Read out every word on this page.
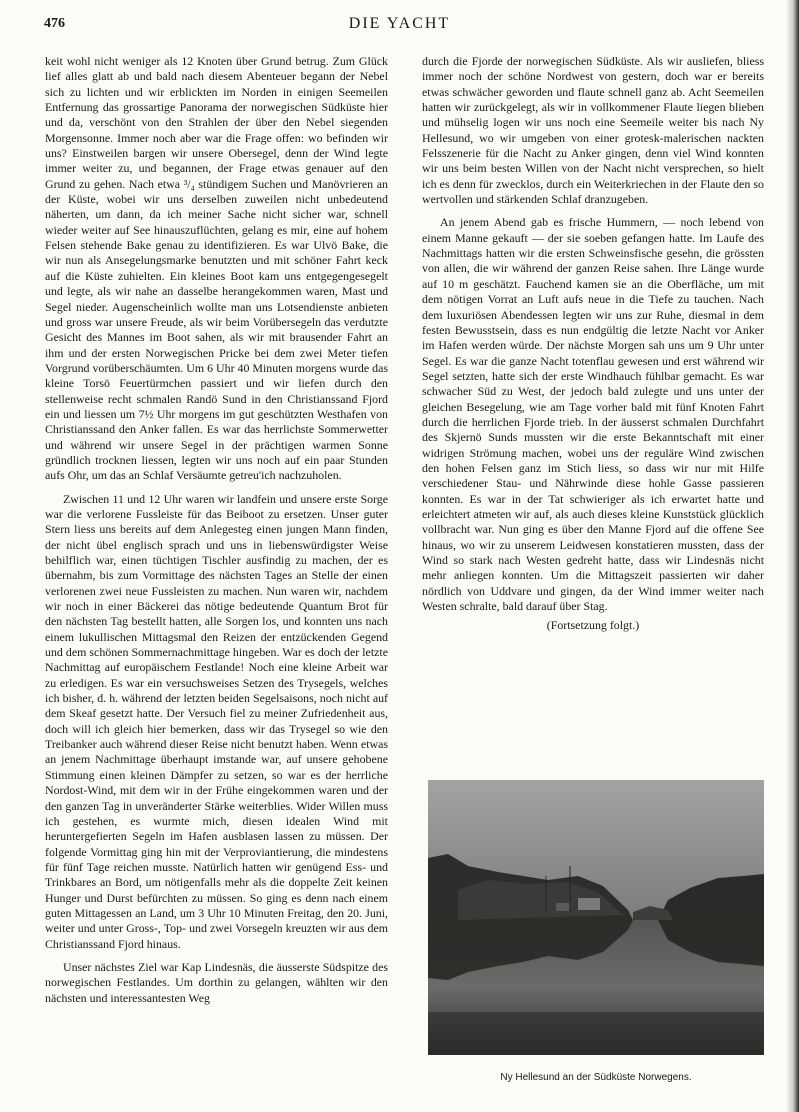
476	DIE YACHT

keit wohl nicht weniger als 12 Knoten über Grund betrug. Zum Glück lief alles glatt ab und bald nach diesem Abenteuer begann der Nebel sich zu lichten und wir erblickten im Norden in einigen Seemeilen Entfernung das grossartige Panorama der norwegischen Südküste hier und da, verschönt von den Strahlen der über den Nebel siegenden Morgensonne. Immer noch aber war die Frage offen: wo befinden wir uns? Einstweilen bargen wir unsere Obersegel, denn der Wind legte immer weiter zu, und begannen, der Frage etwas genauer auf den Grund zu gehen. Nach etwa ³/₄ stündigem Suchen und Manövrieren an der Küste, wobei wir uns derselben zuweilen nicht unbedeutend näherten, um dann, da ich meiner Sache nicht sicher war, schnell wieder weiter auf See hinauszuflüchten, gelang es mir, eine auf hohem Felsen stehende Bake genau zu identifizieren. Es war Ulvö Bake, die wir nun als Ansegelungsmarke benutzten und mit schöner Fahrt keck auf die Küste zuhielten. Ein kleines Boot kam uns entgegengesegelt und legte, als wir nahe an dasselbe herangekommen waren, Mast und Segel nieder. Augenscheinlich wollte man uns Lotsendienste anbieten und gross war unsere Freude, als wir beim Vorübersegeln das verdutzte Gesicht des Mannes im Boot sahen, als wir mit brausender Fahrt an ihm und der ersten Norwegischen Pricke bei dem zwei Meter tiefen Vorgrund vorüberschäumten. Um 6 Uhr 40 Minuten morgens wurde das kleine Torsö Feuertürmchen passiert und wir liefen durch den stellenweise recht schmalen Randö Sund in den Christianssand Fjord ein und liessen um 7½ Uhr morgens im gut geschützten Westhafen von Christianssand den Anker fallen. Es war das herrlichste Sommerwetter und während wir unsere Segel in der prächtigen warmen Sonne gründlich trocknen liessen, legten wir uns noch auf ein paar Stunden aufs Ohr, um das an Schlaf Versäumte getreu'ich nachzuholen.

Zwischen 11 und 12 Uhr waren wir landfein und unsere erste Sorge war die verlorene Fussleiste für das Beiboot zu ersetzen. Unser guter Stern liess uns bereits auf dem Anlegesteg einen jungen Mann finden, der nicht übel englisch sprach und uns in liebenswürdigster Weise behilflich war, einen tüchtigen Tischler ausfindig zu machen, der es übernahm, bis zum Vormittage des nächsten Tages an Stelle der einen verlorenen zwei neue Fussleisten zu machen. Nun waren wir, nachdem wir noch in einer Bäckerei das nötige bedeutende Quantum Brot für den nächsten Tag bestellt hatten, alle Sorgen los, und konnten uns nach einem lukullischen Mittagsmal den Reizen der entzückenden Gegend und dem schönen Sommernachmittage hingeben. War es doch der letzte Nachmittag auf europäischem Festlande! Noch eine kleine Arbeit war zu erledigen. Es war ein versuchsweises Setzen des Trysegels, welches ich bisher, d. h. während der letzten beiden Segelsaisons, noch nicht auf dem Skeaf gesetzt hatte. Der Versuch fiel zu meiner Zufriedenheit aus, doch will ich gleich hier bemerken, dass wir das Trysegel so wie den Treibanker auch während dieser Reise nicht benutzt haben. Wenn etwas an jenem Nachmittage überhaupt imstande war, auf unsere gehobene Stimmung einen kleinen Dämpfer zu setzen, so war es der herrliche Nordost-Wind, mit dem wir in der Frühe eingekommen waren und der den ganzen Tag in unveränderter Stärke weiterblies. Wider Willen muss ich gestehen, es wurmte mich, diesen idealen Wind mit heruntergefierten Segeln im Hafen ausblasen lassen zu müssen. Der folgende Vormittag ging hin mit der Verproviantierung, die mindestens für fünf Tage reichen musste. Natürlich hatten wir genügend Ess- und Trinkbares an Bord, um nötigenfalls mehr als die doppelte Zeit keinen Hunger und Durst befürchten zu müssen. So ging es denn nach einem guten Mittagessen an Land, um 3 Uhr 10 Minuten Freitag, den 20. Juni, weiter und unter Gross-, Top- und zwei Vorsegeln kreuzten wir aus dem Christianssand Fjord hinaus.

Unser nächstes Ziel war Kap Lindesnäs, die äusserste Südspitze des norwegischen Festlandes. Um dorthin zu gelangen, wählten wir den nächsten und interessantesten Weg

durch die Fjorde der norwegischen Südküste. Als wir ausliefen, bliess immer noch der schöne Nordwest von gestern, doch war er bereits etwas schwächer geworden und flaute schnell ganz ab. Acht Seemeilen hatten wir zurückgelegt, als wir in vollkommener Flaute liegen blieben und mühselig logen wir uns noch eine Seemeile weiter bis nach Ny Hellesund, wo wir umgeben von einer grotesk-malerischen nackten Felsszenerie für die Nacht zu Anker gingen, denn viel Wind konnten wir uns beim besten Willen von der Nacht nicht versprechen, so hielt ich es denn für zwecklos, durch ein Weiterkriechen in der Flaute den so wertvollen und stärkenden Schlaf dranzugeben.

An jenem Abend gab es frische Hummern, — noch lebend von einem Manne gekauft — der sie soeben gefangen hatte. Im Laufe des Nachmittags hatten wir die ersten Schweinsfische gesehn, die grössten von allen, die wir während der ganzen Reise sahen. Ihre Länge wurde auf 10 m geschätzt. Fauchend kamen sie an die Oberfläche, um mit dem nötigen Vorrat an Luft aufs neue in die Tiefe zu tauchen. Nach dem luxuriösen Abendessen legten wir uns zur Ruhe, diesmal in dem festen Bewusstsein, dass es nun endgültig die letzte Nacht vor Anker im Hafen werden würde. Der nächste Morgen sah uns um 9 Uhr unter Segel. Es war die ganze Nacht totenflau gewesen und erst während wir Segel setzten, hatte sich der erste Windhauch fühlbar gemacht. Es war schwacher Süd zu West, der jedoch bald zulegte und uns unter der gleichen Besegelung, wie am Tage vorher bald mit fünf Knoten Fahrt durch die herrlichen Fjorde trieb. In der äusserst schmalen Durchfahrt des Skjernö Sunds mussten wir die erste Bekanntschaft mit einer widrigen Strömung machen, wobei uns der reguläre Wind zwischen den hohen Felsen ganz im Stich liess, so dass wir nur mit Hilfe verschiedener Stau- und Nährwinde diese hohle Gasse passieren konnten. Es war in der Tat schwieriger als ich erwartet hatte und erleichtert atmeten wir auf, als auch dieses kleine Kunststück glücklich vollbracht war. Nun ging es über den Manne Fjord auf die offene See hinaus, wo wir zu unserem Leidwesen konstatieren mussten, dass der Wind so stark nach Westen gedreht hatte, dass wir Lindesnäs nicht mehr anliegen konnten. Um die Mittagszeit passierten wir daher nördlich von Uddvare und gingen, da der Wind immer weiter nach Westen schralte, bald darauf über Stag.

(Fortsetzung folgt.)

Ny Hellesund an der Südküste Norwegens.
